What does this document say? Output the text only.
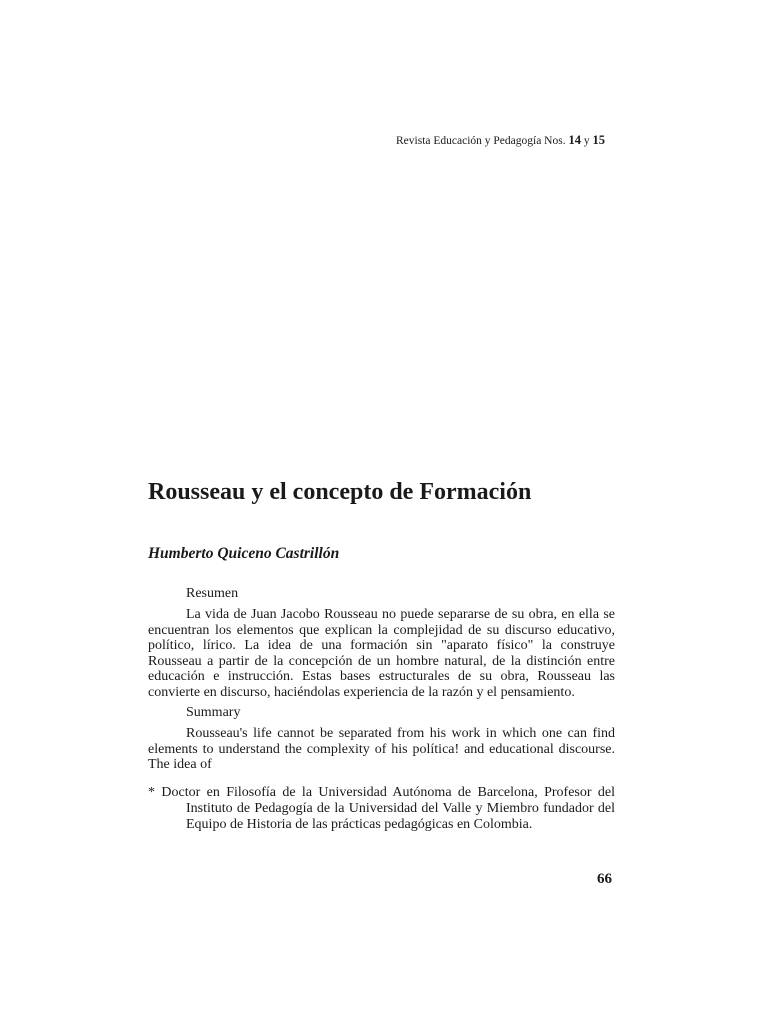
Revista Educación y Pedagogía Nos. 14 y 15
Rousseau y el concepto de Formación

Humberto Quiceno Castrillón

Resumen

La vida de Juan Jacobo Rousseau no puede separarse de su obra, en ella se encuentran los elementos que explican la complejidad de su discurso educativo, político, lírico. La idea de una formación sin "aparato físico" la construye Rousseau a partir de la concepción de un hombre natural, de la distinción entre educación e instrucción. Estas bases estructurales de su obra, Rousseau las convierte en discurso, haciéndolas experiencia de la razón y el pensamiento.

Summary

Rousseau's life cannot be separated from his work in which one can find elements to understand the complexity of his política! and educational discourse. The idea of

* Doctor en Filosofía de la Universidad Autónoma de Barcelona, Profesor del Instituto de Pedagogía de la Universidad del Valle y Miembro fundador del Equipo de Historia de las prácticas pedagógicas en Colombia.

66
